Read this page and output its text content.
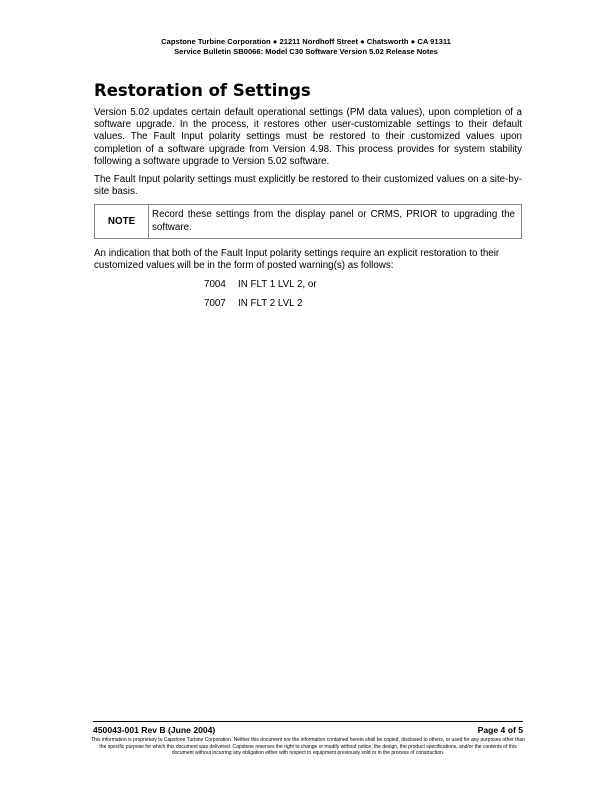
Capstone Turbine Corporation ● 21211 Nordhoff Street ● Chatsworth ● CA 91311
Service Bulletin SB0066: Model C30 Software Version 5.02 Release Notes
Restoration of Settings

Version 5.02 updates certain default operational settings (PM data values), upon completion of a software upgrade. In the process, it restores other user-customizable settings to their default values. The Fault Input polarity settings must be restored to their customized values upon completion of a software upgrade from Version 4.98. This process provides for system stability following a software upgrade to Version 5.02 software.

The Fault Input polarity settings must explicitly be restored to their customized values on a site-by-site basis.

NOTE
Record these settings from the display panel or CRMS, PRIOR to upgrading the software.

An indication that both of the Fault Input polarity settings require an explicit restoration to their customized values will be in the form of posted warning(s) as follows:

7004	IN FLT 1 LVL 2, or
7007	IN FLT 2 LVL 2
450043-001 Rev B (June 2004)	Page 4 of 5
This information is proprietary to Capstone Turbine Corporation. Neither this document nor the information contained herein shall be copied, disclosed to others, or used for any purposes other than the specific purpose for which this document was delivered. Capstone reserves the right to change or modify without notice, the design, the product specifications, and/or the contents of this document without incurring any obligation either with respect to equipment previously sold or in the process of construction.
